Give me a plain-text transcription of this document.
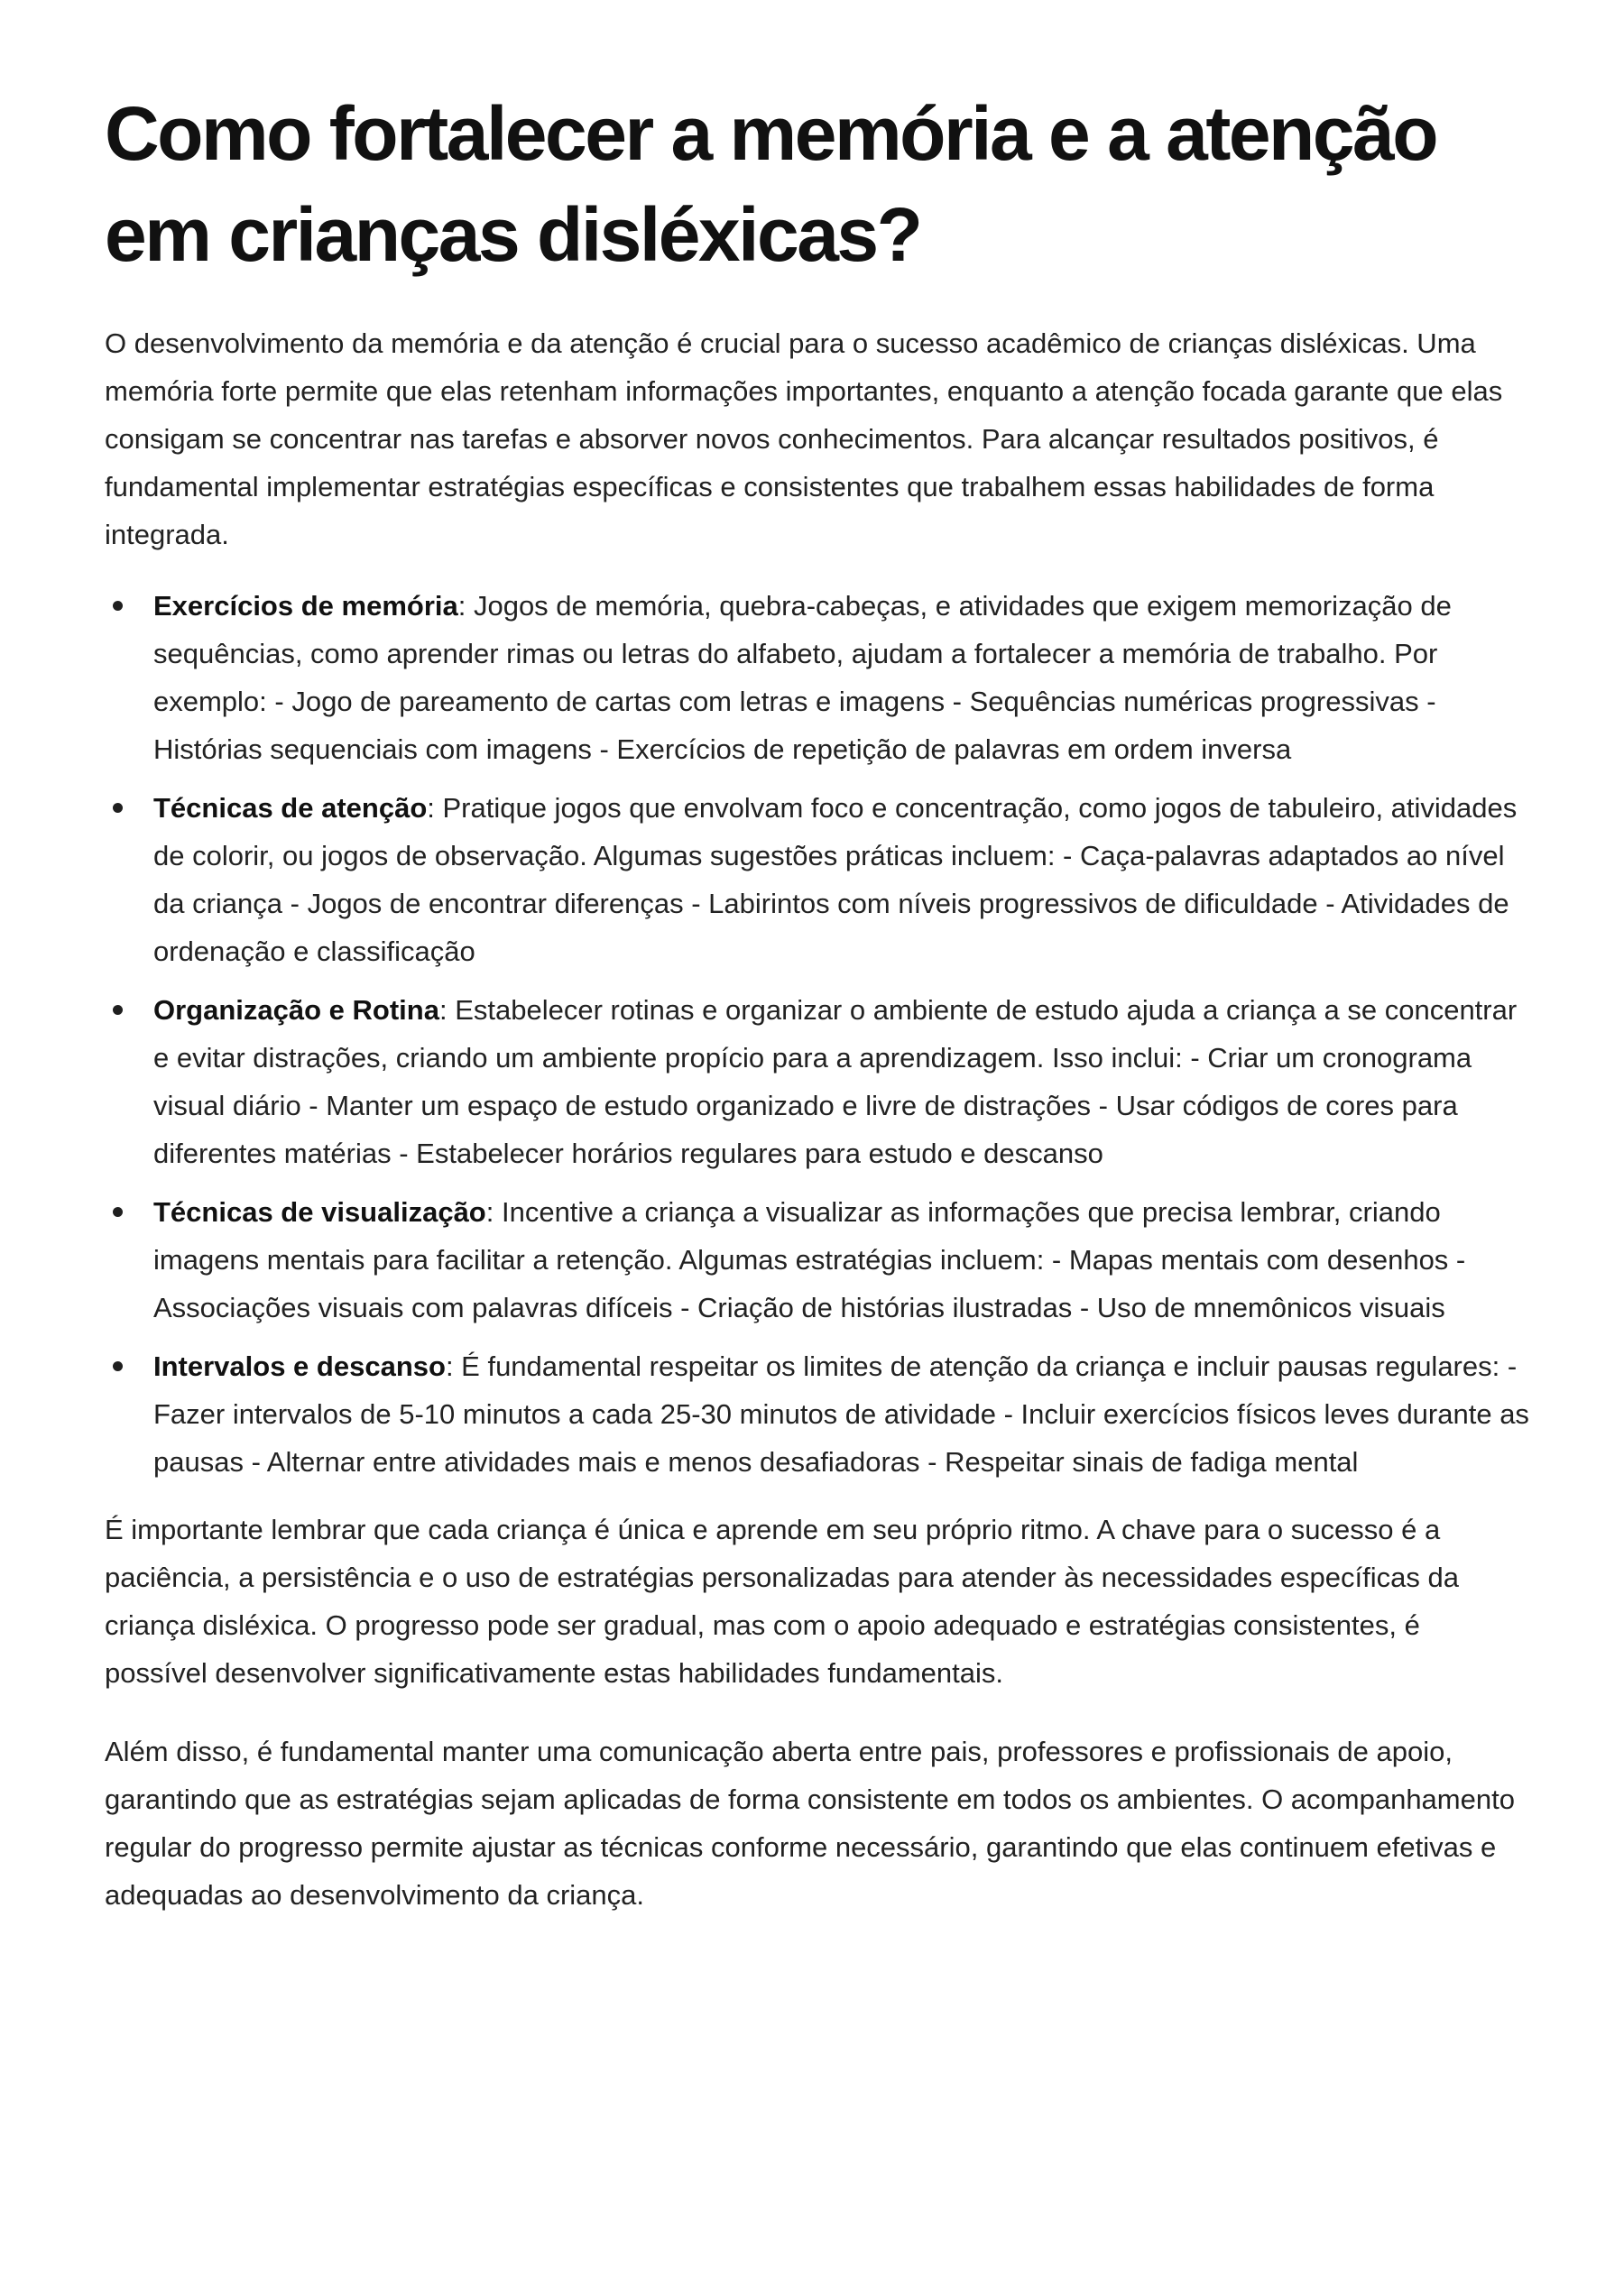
Como fortalecer a memória e a atenção em crianças disléxicas?

O desenvolvimento da memória e da atenção é crucial para o sucesso acadêmico de crianças disléxicas. Uma memória forte permite que elas retenham informações importantes, enquanto a atenção focada garante que elas consigam se concentrar nas tarefas e absorver novos conhecimentos. Para alcançar resultados positivos, é fundamental implementar estratégias específicas e consistentes que trabalhem essas habilidades de forma integrada.

Exercícios de memória: Jogos de memória, quebra-cabeças, e atividades que exigem memorização de sequências, como aprender rimas ou letras do alfabeto, ajudam a fortalecer a memória de trabalho. Por exemplo: - Jogo de pareamento de cartas com letras e imagens - Sequências numéricas progressivas - Histórias sequenciais com imagens - Exercícios de repetição de palavras em ordem inversa
Técnicas de atenção: Pratique jogos que envolvam foco e concentração, como jogos de tabuleiro, atividades de colorir, ou jogos de observação. Algumas sugestões práticas incluem: - Caça-palavras adaptados ao nível da criança - Jogos de encontrar diferenças - Labirintos com níveis progressivos de dificuldade - Atividades de ordenação e classificação
Organização e Rotina: Estabelecer rotinas e organizar o ambiente de estudo ajuda a criança a se concentrar e evitar distrações, criando um ambiente propício para a aprendizagem. Isso inclui: - Criar um cronograma visual diário - Manter um espaço de estudo organizado e livre de distrações - Usar códigos de cores para diferentes matérias - Estabelecer horários regulares para estudo e descanso
Técnicas de visualização: Incentive a criança a visualizar as informações que precisa lembrar, criando imagens mentais para facilitar a retenção. Algumas estratégias incluem: - Mapas mentais com desenhos - Associações visuais com palavras difíceis - Criação de histórias ilustradas - Uso de mnemônicos visuais
Intervalos e descanso: É fundamental respeitar os limites de atenção da criança e incluir pausas regulares: - Fazer intervalos de 5-10 minutos a cada 25-30 minutos de atividade - Incluir exercícios físicos leves durante as pausas - Alternar entre atividades mais e menos desafiadoras - Respeitar sinais de fadiga mental

É importante lembrar que cada criança é única e aprende em seu próprio ritmo. A chave para o sucesso é a paciência, a persistência e o uso de estratégias personalizadas para atender às necessidades específicas da criança disléxica. O progresso pode ser gradual, mas com o apoio adequado e estratégias consistentes, é possível desenvolver significativamente estas habilidades fundamentais.

Além disso, é fundamental manter uma comunicação aberta entre pais, professores e profissionais de apoio, garantindo que as estratégias sejam aplicadas de forma consistente em todos os ambientes. O acompanhamento regular do progresso permite ajustar as técnicas conforme necessário, garantindo que elas continuem efetivas e adequadas ao desenvolvimento da criança.
